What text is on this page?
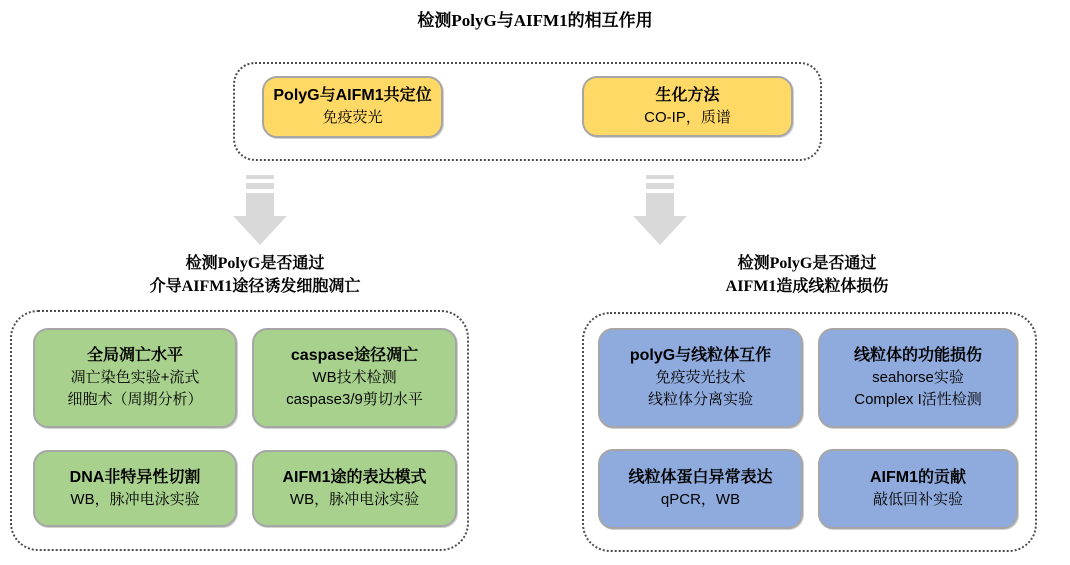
检测PolyG与AIFM1的相互作用
PolyG与AIFM1共定位
免疫荧光
生化方法
CO-IP，质谱
检测PolyG是否通过
介导AIFM1途径诱发细胞凋亡
检测PolyG是否通过
AIFM1造成线粒体损伤
全局凋亡水平
凋亡染色实验+流式
细胞术（周期分析）
caspase途径凋亡
WB技术检测
caspase3/9剪切水平
DNA非特异性切割
WB，脉冲电泳实验
AIFM1途的表达模式
WB，脉冲电泳实验
polyG与线粒体互作
免疫荧光技术
线粒体分离实验
线粒体的功能损伤
seahorse实验
Complex I活性检测
线粒体蛋白异常表达
qPCR，WB
AIFM1的贡献
敲低回补实验
